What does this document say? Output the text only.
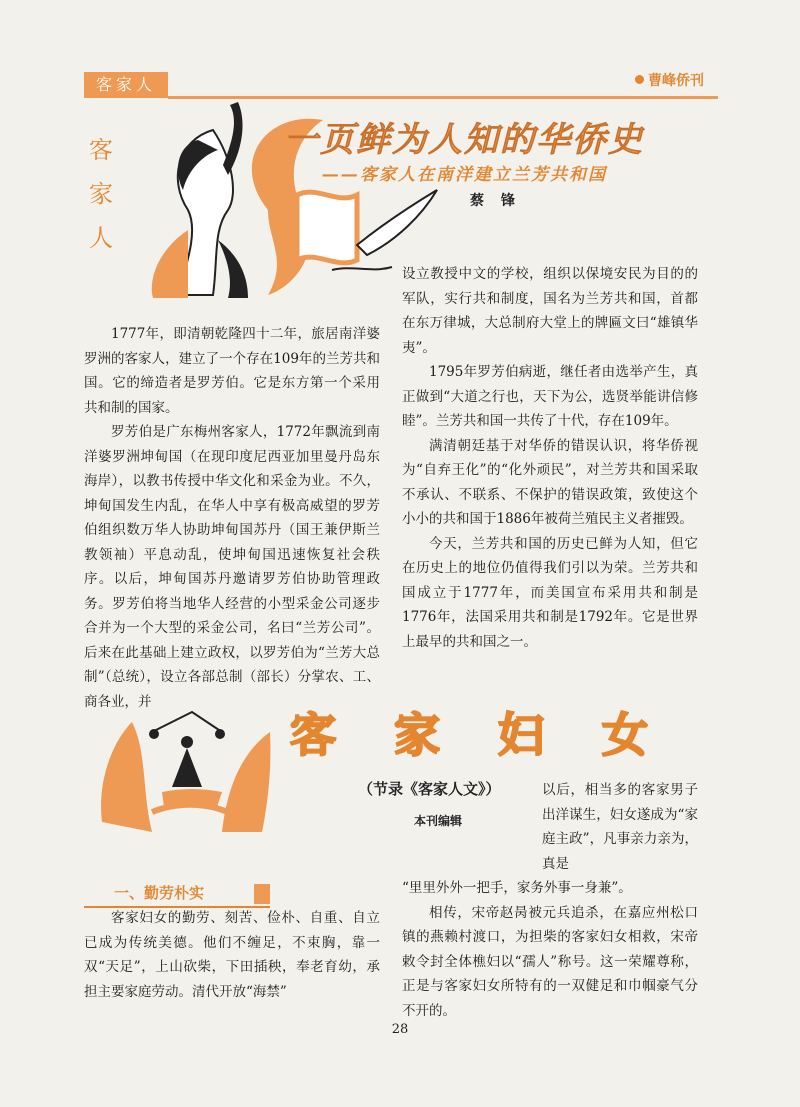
客家人	曹峰侨刊
客
家
人
一页鲜为人知的华侨史
——客家人在南洋建立兰芳共和国
蔡 锋

1777年，即清朝乾隆四十二年，旅居南洋婆罗洲的客家人，建立了一个存在109年的兰芳共和国。它的缔造者是罗芳伯。它是东方第一个采用共和制的国家。

罗芳伯是广东梅州客家人，1772年飘流到南洋婆罗洲坤甸国（在现印度尼西亚加里曼丹岛东海岸），以教书传授中华文化和采金为业。不久，坤甸国发生内乱，在华人中享有极高威望的罗芳伯组织数万华人协助坤甸国苏丹（国王兼伊斯兰教领袖）平息动乱，使坤甸国迅速恢复社会秩序。以后，坤甸国苏丹邀请罗芳伯协助管理政务。罗芳伯将当地华人经营的小型采金公司逐步合并为一个大型的采金公司，名曰“兰芳公司”。后来在此基础上建立政权，以罗芳伯为“兰芳大总制”（总统），设立各部总制（部长）分掌农、工、商各业，并

设立教授中文的学校，组织以保境安民为目的的军队，实行共和制度，国名为兰芳共和国，首都在东万律城，大总制府大堂上的牌匾文曰“雄镇华夷”。

1795年罗芳伯病逝，继任者由选举产生，真正做到“大道之行也，天下为公，选贤举能讲信修睦”。兰芳共和国一共传了十代，存在109年。

满清朝廷基于对华侨的错误认识，将华侨视为“自弃王化”的“化外顽民”，对兰芳共和国采取不承认、不联系、不保护的错误政策，致使这个小小的共和国于1886年被荷兰殖民主义者摧毁。

今天，兰芳共和国的历史已鲜为人知，但它在历史上的地位仍值得我们引以为荣。兰芳共和国成立于1777年，而美国宣布采用共和制是1776年，法国采用共和制是1792年。它是世界上最早的共和国之一。

客 家 妇 女
（节录《客家人文》）
本刊编辑
一、勤劳朴实

客家妇女的勤劳、刻苦、俭朴、自重、自立已成为传统美德。他们不缠足，不束胸，靠一双“天足”，上山砍柴，下田插秧，奉老育幼，承担主要家庭劳动。清代开放“海禁”

以后，相当多的客家男子出洋谋生，妇女遂成为“家庭主政”，凡事亲力亲为，真是

“里里外外一把手，家务外事一身兼”。

相传，宋帝赵昺被元兵追杀，在嘉应州松口镇的燕赖村渡口，为担柴的客家妇女相救，宋帝敕令封全体樵妇以“孺人”称号。这一荣耀尊称，正是与客家妇女所特有的一双健足和巾帼豪气分不开的。

28
